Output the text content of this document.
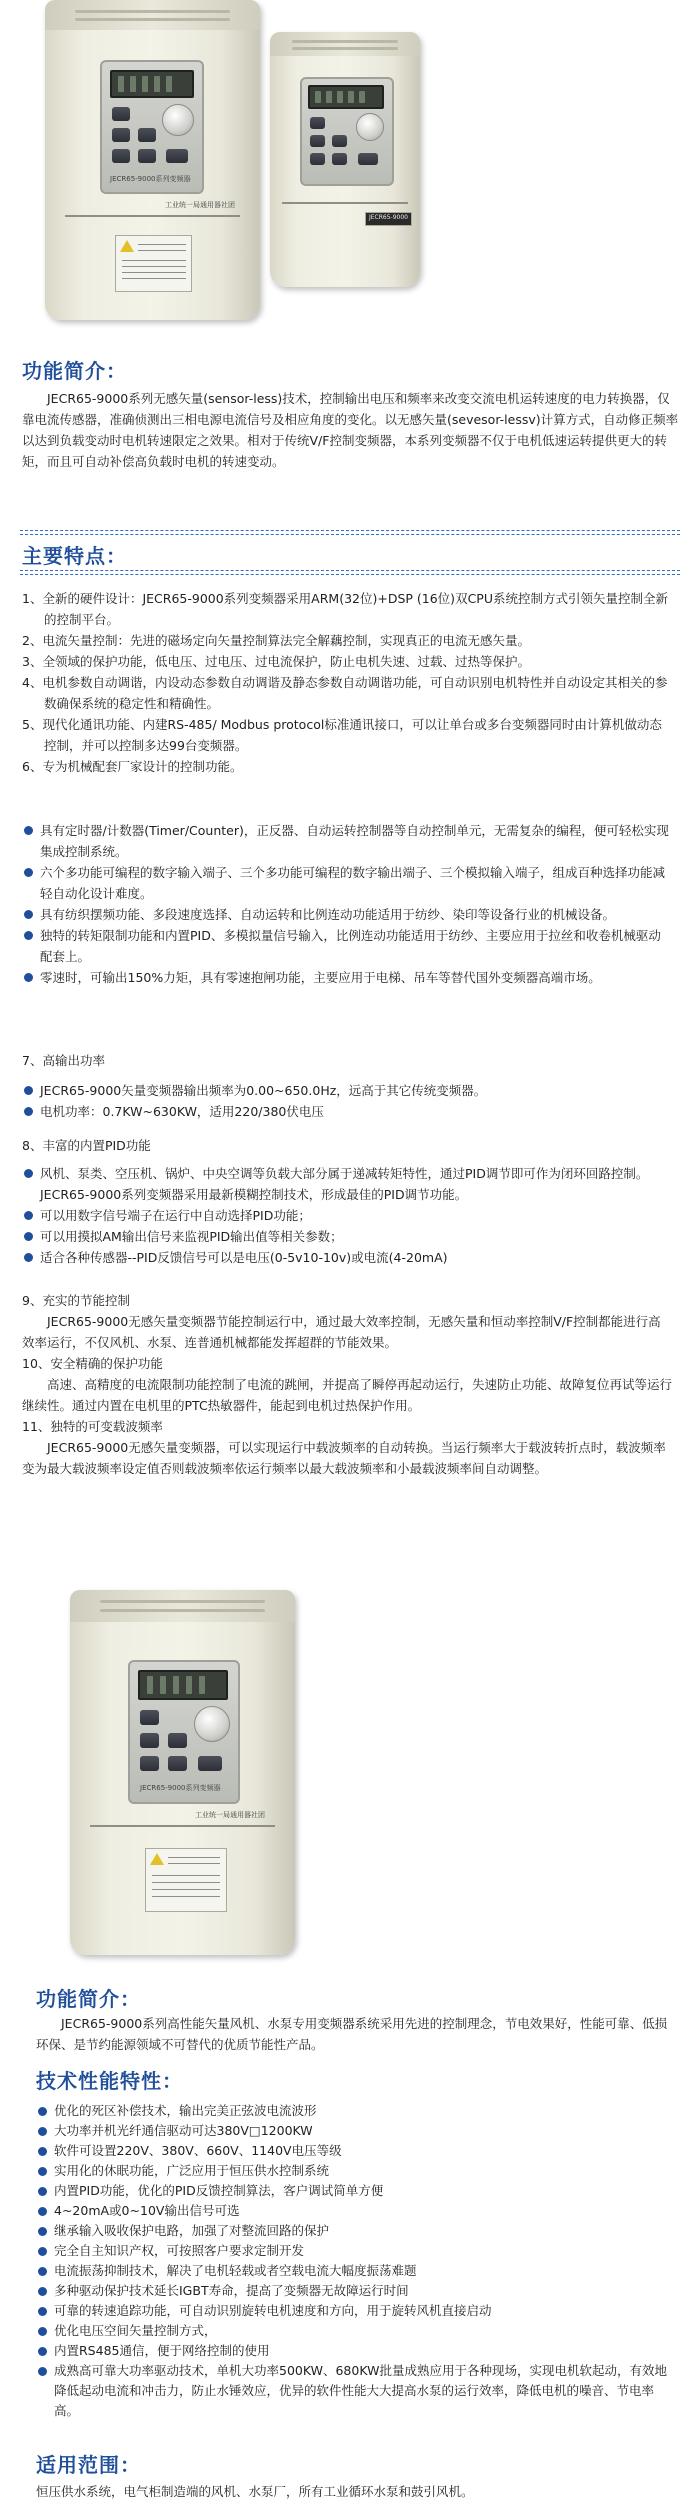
JECR65-9000系列变频器
工业统一局通用器社团
JECR65-9000
功能简介：
JECR65-9000系列无感矢量(sensor-less)技术，控制输出电压和频率来改变交流电机运转速度的电力转换器，仅靠电流传感器，准确侦测出三相电源电流信号及相应角度的变化。以无感矢量(sevesor-lessv)计算方式，自动修正频率以达到负载变动时电机转速限定之效果。相对于传统V/F控制变频器，本系列变频器不仅于电机低速运转提供更大的转矩，而且可自动补偿高负载时电机的转速变动。
主要特点：
1、全新的硬件设计：JECR65-9000系列变频器采用ARM(32位)+DSP (16位)双CPU系统控制方式引领矢量控制全新的控制平台。
2、电流矢量控制：先进的磁场定向矢量控制算法完全解藕控制，实现真正的电流无感矢量。
3、全领域的保护功能，低电压、过电压、过电流保护，防止电机失速、过载、过热等保护。
4、电机参数自动调谐，内设动态参数自动调谐及静态参数自动调谐功能，可自动识别电机特性并自动设定其相关的参数确保系统的稳定性和精确性。
5、现代化通讯功能、内建RS-485/ Modbus protocol标准通讯接口，可以让单台或多台变频器同时由计算机做动态控制，并可以控制多达99台变频器。
6、专为机械配套厂家设计的控制功能。
具有定时器/计数器(Timer/Counter)，正反器、自动运转控制器等自动控制单元，无需复杂的编程，便可轻松实现集成控制系统。
六个多功能可编程的数字输入端子、三个多功能可编程的数字输出端子、三个模拟输入端子，组成百种选择功能减轻自动化设计难度。
具有纺织摆频功能、多段速度选择、自动运转和比例连动功能适用于纺纱、染印等设备行业的机械设备。
独特的转矩限制功能和内置PID、多模拟量信号输入，比例连动功能适用于纺纱、主要应用于拉丝和收卷机械驱动配套上。
零速时，可输出150%力矩，具有零速抱闸功能，主要应用于电梯、吊车等替代国外变频器高端市场。
7、高输出功率
JECR65-9000矢量变频器输出频率为0.00~650.0Hz，远高于其它传统变频器。
电机功率：0.7KW~630KW，适用220/380伏电压
8、丰富的内置PID功能
风机、泵类、空压机、锅炉、中央空调等负载大部分属于递减转矩特性，通过PID调节即可作为闭环回路控制。JECR65-9000系列变频器采用最新模糊控制技术，形成最佳的PID调节功能。
可以用数字信号端子在运行中自动选择PID功能；
可以用摸拟AM输出信号来监视PID输出值等相关参数；
适合各种传感器--PID反馈信号可以是电压(0-5v10-10v)或电流(4-20mA)
9、充实的节能控制
JECR65-9000无感矢量变频器节能控制运行中，通过最大效率控制，无感矢量和恒动率控制V/F控制都能进行高效率运行，不仅风机、水泵、连普通机械都能发挥超群的节能效果。
10、安全精确的保护功能
高速、高精度的电流限制功能控制了电流的跳闸，并提高了瞬停再起动运行，失速防止功能、故障复位再试等运行继续性。通过内置在电机里的PTC热敏器件，能起到电机过热保护作用。
11、独特的可变载波频率
JECR65-9000无感矢量变频器，可以实现运行中载波频率的自动转换。当运行频率大于载波转折点时，载波频率变为最大载波频率设定值否则载波频率依运行频率以最大载波频率和小最载波频率间自动调整。
JECR65-9000系列变频器
工业统一局通用器社团
功能简介：
JECR65-9000系列高性能矢量风机、水泵专用变频器系统采用先进的控制理念，节电效果好，性能可靠、低损环保、是节约能源领域不可替代的优质节能性产品。
技术性能特性：
优化的死区补偿技术，输出完美正弦波电流波形
大功率并机光纤通信驱动可达380V□1200KW
软件可设置220V、380V、660V、1140V电压等级
实用化的休眠功能，广泛应用于恒压供水控制系统
内置PID功能，优化的PID反馈控制算法，客户调试简单方便
4~20mA或0~10V输出信号可选
继承输入吸收保护电路，加强了对整流回路的保护
完全自主知识产权，可按照客户要求定制开发
电流振荡抑制技术，解决了电机轻载或者空载电流大幅度振荡难题
多种驱动保护技术延长IGBT寿命，提高了变频器无故障运行时间
可靠的转速追踪功能，可自动识别旋转电机速度和方向，用于旋转风机直接启动
优化电压空间矢量控制方式，
内置RS485通信，便于网络控制的使用
成熟高可靠大功率驱动技术，单机大功率500KW、680KW批量成熟应用于各种现场，实现电机软起动，有效地降低起动电流和冲击力，防止水锤效应，优异的软件性能大大提高水泵的运行效率，降低电机的噪音、节电率高。
适用范围：
恒压供水系统，电气柜制造端的风机、水泵厂，所有工业循环水泵和鼓引风机。
